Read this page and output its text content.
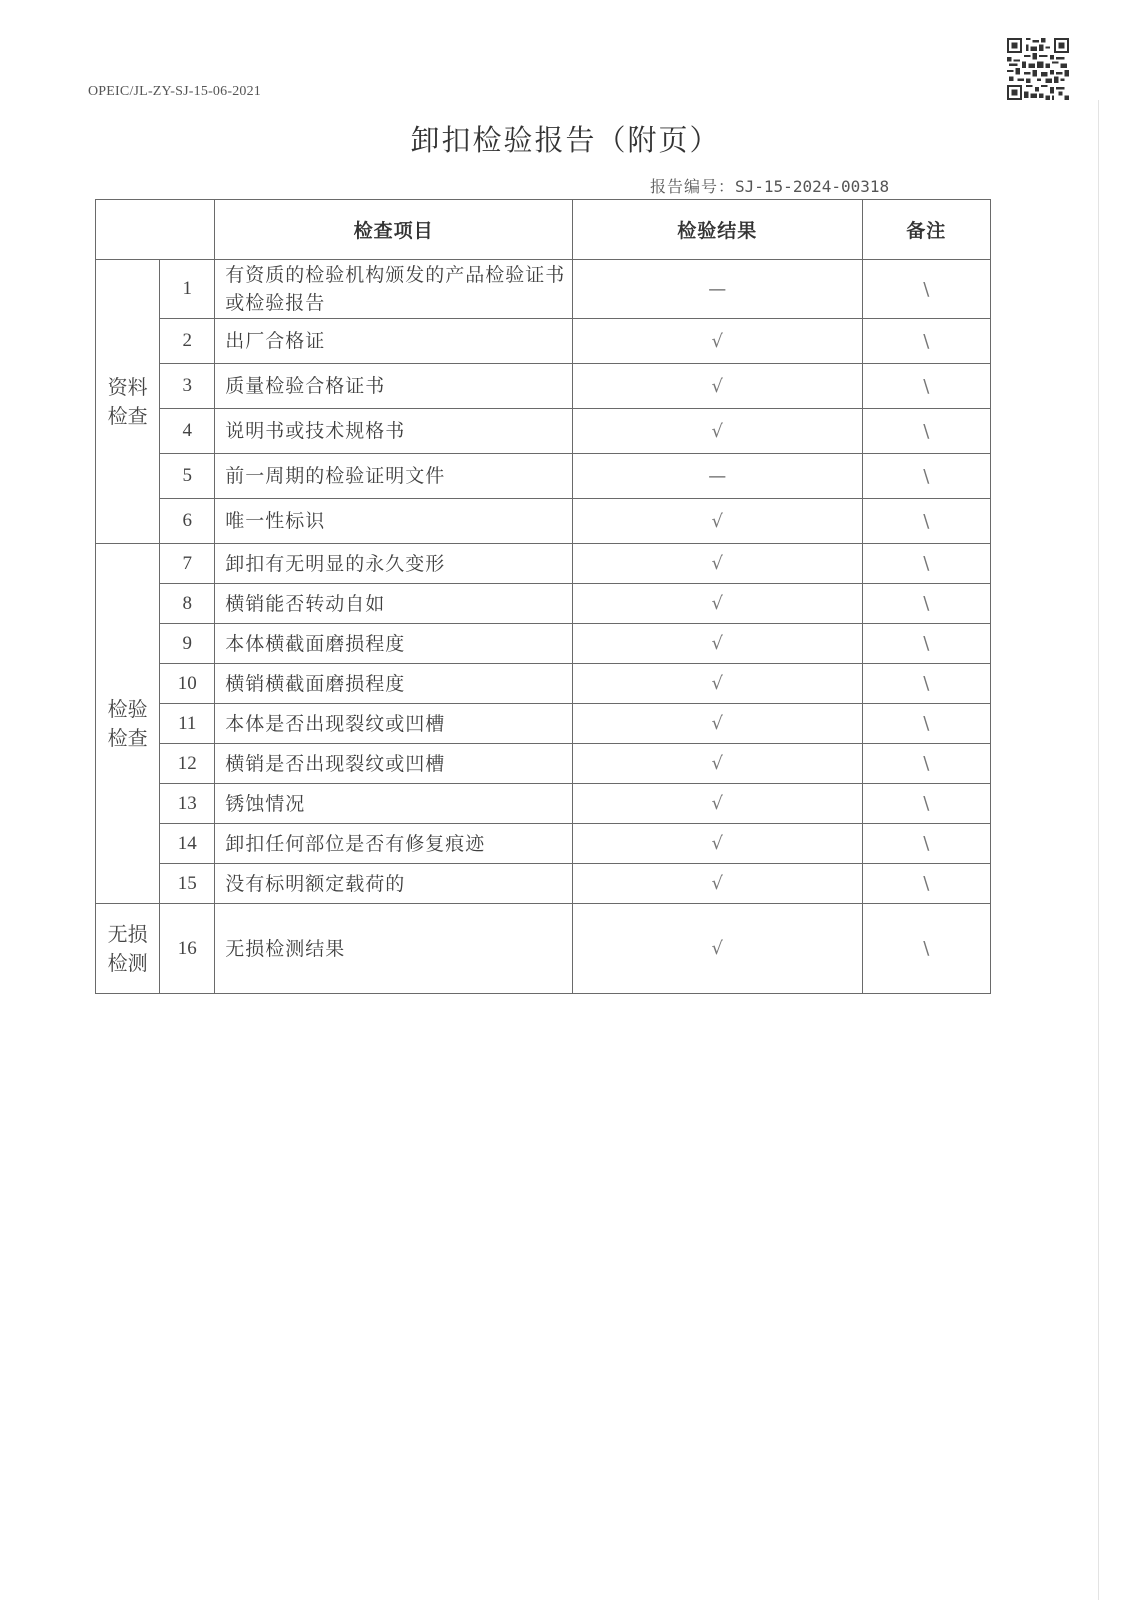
OPEIC/JL-ZY-SJ-15-06-2021
卸扣检验报告（附页）
报告编号：SJ-15-2024-00318
		检查项目	检验结果	备注

资料
检查	1	有资质的检验机构颁发的产品检验证书或检验报告	—	\
	2	出厂合格证	√	\
	3	质量检验合格证书	√	\
	4	说明书或技术规格书	√	\
	5	前一周期的检验证明文件	—	\
	6	唯一性标识	√	\

检验
检查	7	卸扣有无明显的永久变形	√	\
	8	横销能否转动自如	√	\
	9	本体横截面磨损程度	√	\
	10	横销横截面磨损程度	√	\
	11	本体是否出现裂纹或凹槽	√	\
	12	横销是否出现裂纹或凹槽	√	\
	13	锈蚀情况	√	\
	14	卸扣任何部位是否有修复痕迹	√	\
	15	没有标明额定载荷的	√	\

无损
检测	16	无损检测结果	√	\
